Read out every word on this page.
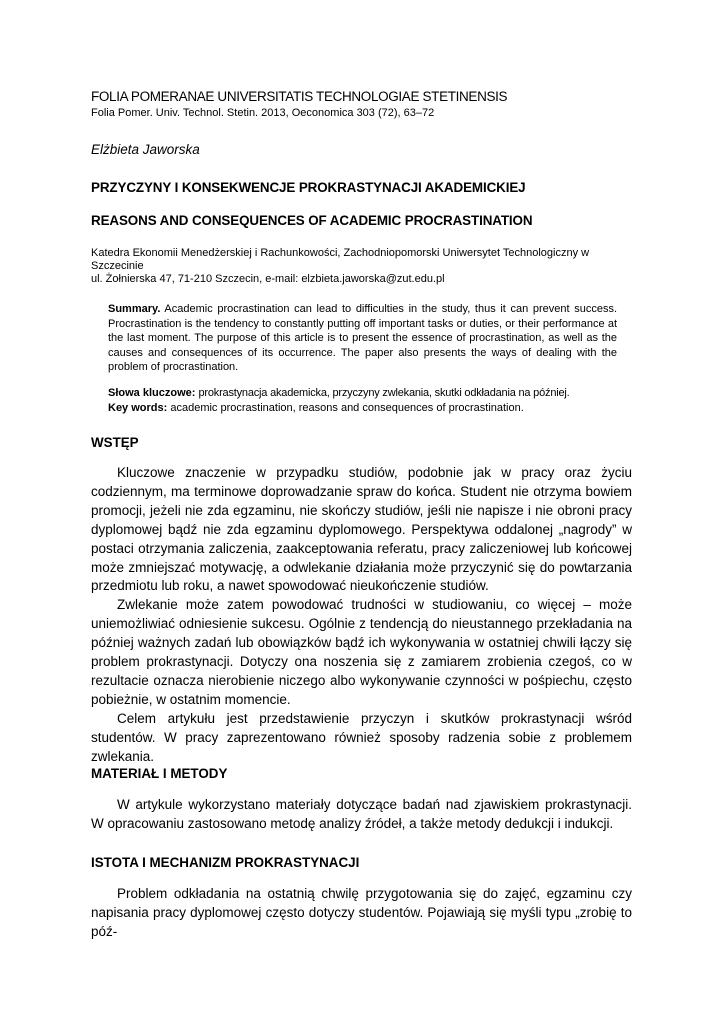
FOLIA POMERANAE UNIVERSITATIS TECHNOLOGIAE STETINENSIS
Folia Pomer. Univ. Technol. Stetin. 2013, Oeconomica 303 (72), 63–72
Elżbieta Jaworska
PRZYCZYNY I KONSEKWENCJE PROKRASTYNACJI AKADEMICKIEJ
REASONS AND CONSEQUENCES OF ACADEMIC PROCRASTINATION
Katedra Ekonomii Menedżerskiej i Rachunkowości, Zachodniopomorski Uniwersytet Technologiczny w Szczecinie
ul. Żołnierska 47, 71-210 Szczecin, e-mail: elzbieta.jaworska@zut.edu.pl
Summary. Academic procrastination can lead to difficulties in the study, thus it can prevent success. Procrastination is the tendency to constantly putting off important tasks or duties, or their performance at the last moment. The purpose of this article is to present the essence of procrastination, as well as the causes and consequences of its occurrence. The paper also presents the ways of dealing with the problem of procrastination.
Słowa kluczowe: prokrastynacja akademicka, przyczyny zwlekania, skutki odkładania na później.
Key words: academic procrastination, reasons and consequences of procrastination.
WSTĘP

Kluczowe znaczenie w przypadku studiów, podobnie jak w pracy oraz życiu codziennym, ma terminowe doprowadzanie spraw do końca. Student nie otrzyma bowiem promocji, jeżeli nie zda egzaminu, nie skończy studiów, jeśli nie napisze i nie obroni pracy dyplomowej bądź nie zda egzaminu dyplomowego. Perspektywa oddalonej „nagrody” w postaci otrzymania zaliczenia, zaakceptowania referatu, pracy zaliczeniowej lub końcowej może zmniejszać motywację, a odwlekanie działania może przyczynić się do powtarzania przedmiotu lub roku, a nawet spowodować nieukończenie studiów.

Zwlekanie może zatem powodować trudności w studiowaniu, co więcej – może uniemożliwiać odniesienie sukcesu. Ogólnie z tendencją do nieustannego przekładania na później ważnych zadań lub obowiązków bądź ich wykonywania w ostatniej chwili łączy się problem prokrastynacji. Dotyczy ona noszenia się z zamiarem zrobienia czegoś, co w rezultacie oznacza nierobienie niczego albo wykonywanie czynności w pośpiechu, często pobieżnie, w ostatnim momencie.

Celem artykułu jest przedstawienie przyczyn i skutków prokrastynacji wśród studentów. W pracy zaprezentowano również sposoby radzenia sobie z problemem zwlekania.

MATERIAŁ I METODY

W artykule wykorzystano materiały dotyczące badań nad zjawiskiem prokrastynacji. W opracowaniu zastosowano metodę analizy źródeł, a także metody dedukcji i indukcji.

ISTOTA I MECHANIZM PROKRASTYNACJI

Problem odkładania na ostatnią chwilę przygotowania się do zajęć, egzaminu czy napisania pracy dyplomowej często dotyczy studentów. Pojawiają się myśli typu „zrobię to póź-
